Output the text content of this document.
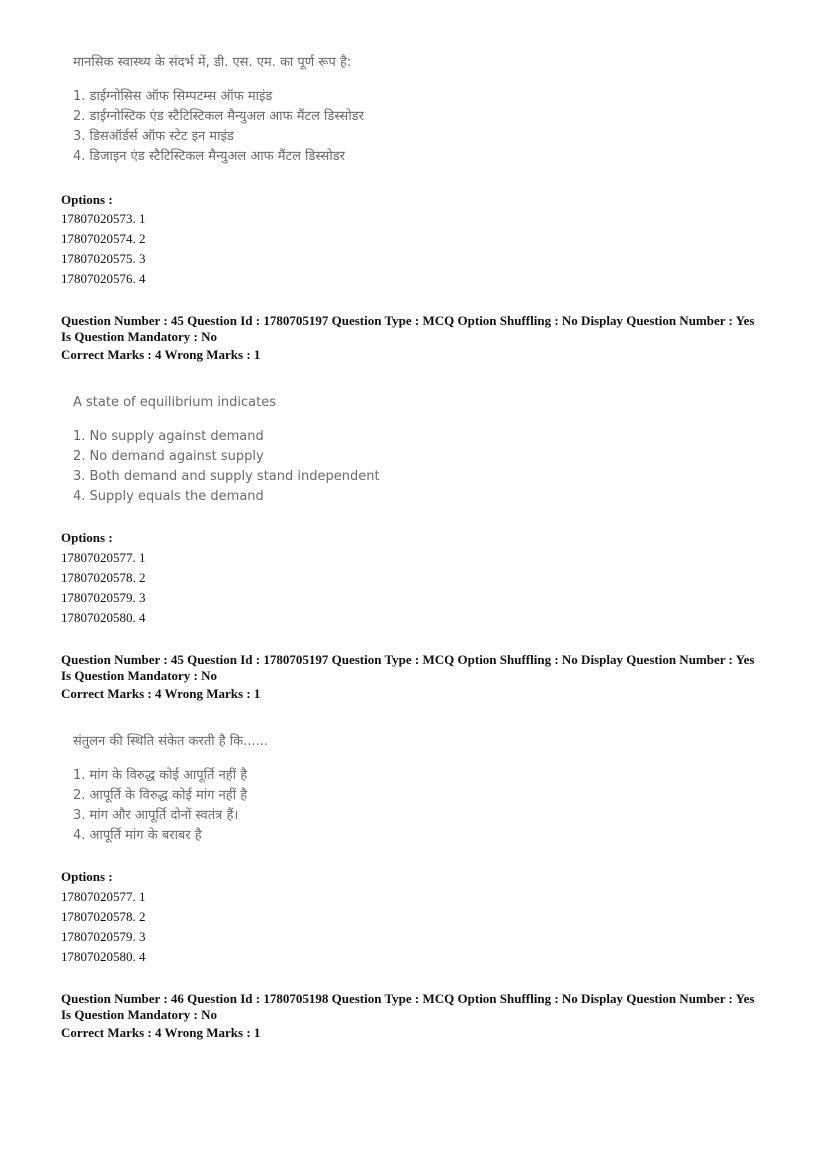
मानसिक स्वास्थ्य के संदर्भ में, डी. एस. एम. का पूर्ण रूप है:
1. डाईग्नोसिस ऑफ सिम्पटम्स ऑफ माइंड
2. डाईग्नोस्टिक एंड स्टैटिस्टिकल मैन्युअल आफ मैंटल डिस्सोडर
3. डिसऑर्डर्स ऑफ स्टेट इन माइंड
4. डिजाइन एंड स्टैटिस्टिकल मैन्युअल आफ मैंटल डिस्सोडर
Options :
17807020573. 1
17807020574. 2
17807020575. 3
17807020576. 4
Question Number : 45 Question Id : 1780705197 Question Type : MCQ Option Shuffling : No Display Question Number : Yes
Is Question Mandatory : No
Correct Marks : 4 Wrong Marks : 1
A state of equilibrium indicates
1. No supply against demand
2. No demand against supply
3. Both demand and supply stand independent
4. Supply equals the demand
Options :
17807020577. 1
17807020578. 2
17807020579. 3
17807020580. 4
Question Number : 45 Question Id : 1780705197 Question Type : MCQ Option Shuffling : No Display Question Number : Yes
Is Question Mandatory : No
Correct Marks : 4 Wrong Marks : 1
संतुलन की स्थिति संकेत करती है कि......
1. मांग के विरुद्ध कोई आपूर्ति नहीं है
2. आपूर्ति के विरुद्ध कोई मांग नहीं है
3. मांग और आपूर्ति दोनों स्वतंत्र हैं।
4. आपूर्ति मांग के बराबर है
Options :
17807020577. 1
17807020578. 2
17807020579. 3
17807020580. 4
Question Number : 46 Question Id : 1780705198 Question Type : MCQ Option Shuffling : No Display Question Number : Yes
Is Question Mandatory : No
Correct Marks : 4 Wrong Marks : 1
